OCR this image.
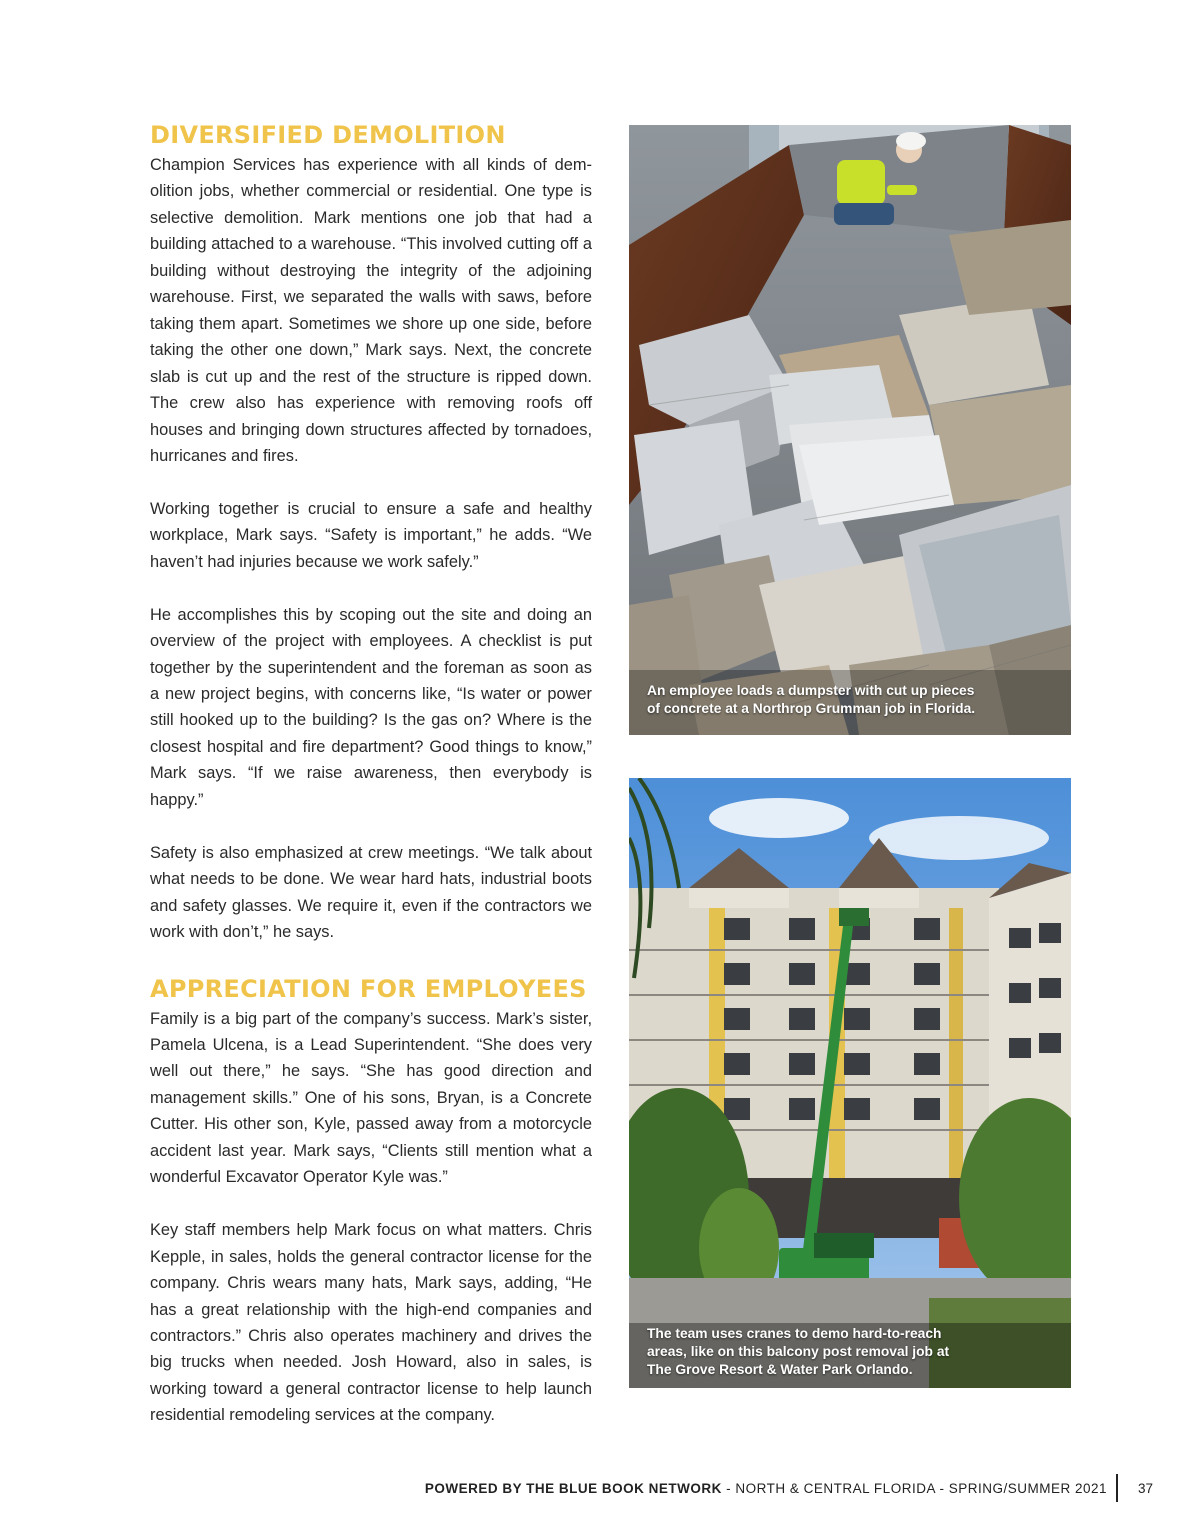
DIVERSIFIED DEMOLITION

Champion Services has experience with all kinds of demolition jobs, whether commercial or residential. One type is selective demolition. Mark mentions one job that had a building attached to a warehouse. “This involved cutting off a building without destroying the integrity of the adjoining warehouse. First, we separated the walls with saws, before taking them apart. Sometimes we shore up one side, before taking the other one down,” Mark says. Next, the concrete slab is cut up and the rest of the structure is ripped down. The crew also has experience with removing roofs off houses and bringing down structures affected by tornadoes, hurricanes and fires.

Working together is crucial to ensure a safe and healthy workplace, Mark says. “Safety is important,” he adds. “We haven’t had injuries because we work safely.”

He accomplishes this by scoping out the site and doing an overview of the project with employees. A checklist is put together by the superintendent and the foreman as soon as a new project begins, with concerns like, “Is water or power still hooked up to the building? Is the gas on? Where is the closest hospital and fire department? Good things to know,” Mark says. “If we raise awareness, then everybody is happy.”

Safety is also emphasized at crew meetings. “We talk about what needs to be done. We wear hard hats, industrial boots and safety glasses. We require it, even if the contractors we work with don’t,” he says.

APPRECIATION FOR EMPLOYEES

Family is a big part of the company’s success. Mark’s sister, Pamela Ulcena, is a Lead Superintendent. “She does very well out there,” he says. “She has good direction and management skills.” One of his sons, Bryan, is a Concrete Cutter. His other son, Kyle, passed away from a motorcycle accident last year. Mark says, “Clients still mention what a wonderful Excavator Operator Kyle was.”

Key staff members help Mark focus on what matters. Chris Kepple, in sales, holds the general contractor license for the company. Chris wears many hats, Mark says, adding, “He has a great relationship with the high-end companies and contractors.” Chris also operates machinery and drives the big trucks when needed. Josh Howard, also in sales, is working toward a general contractor license to help launch residential remodeling services at the company.

An employee loads a dumpster with cut up pieces
of concrete at a Northrop Grumman job in Florida.
The team uses cranes to demo hard-to-reach
areas, like on this balcony post removal job at
The Grove Resort & Water Park Orlando.
POWERED BY THE BLUE BOOK NETWORK - NORTH & CENTRAL FLORIDA - SPRING/SUMMER 2021 37
